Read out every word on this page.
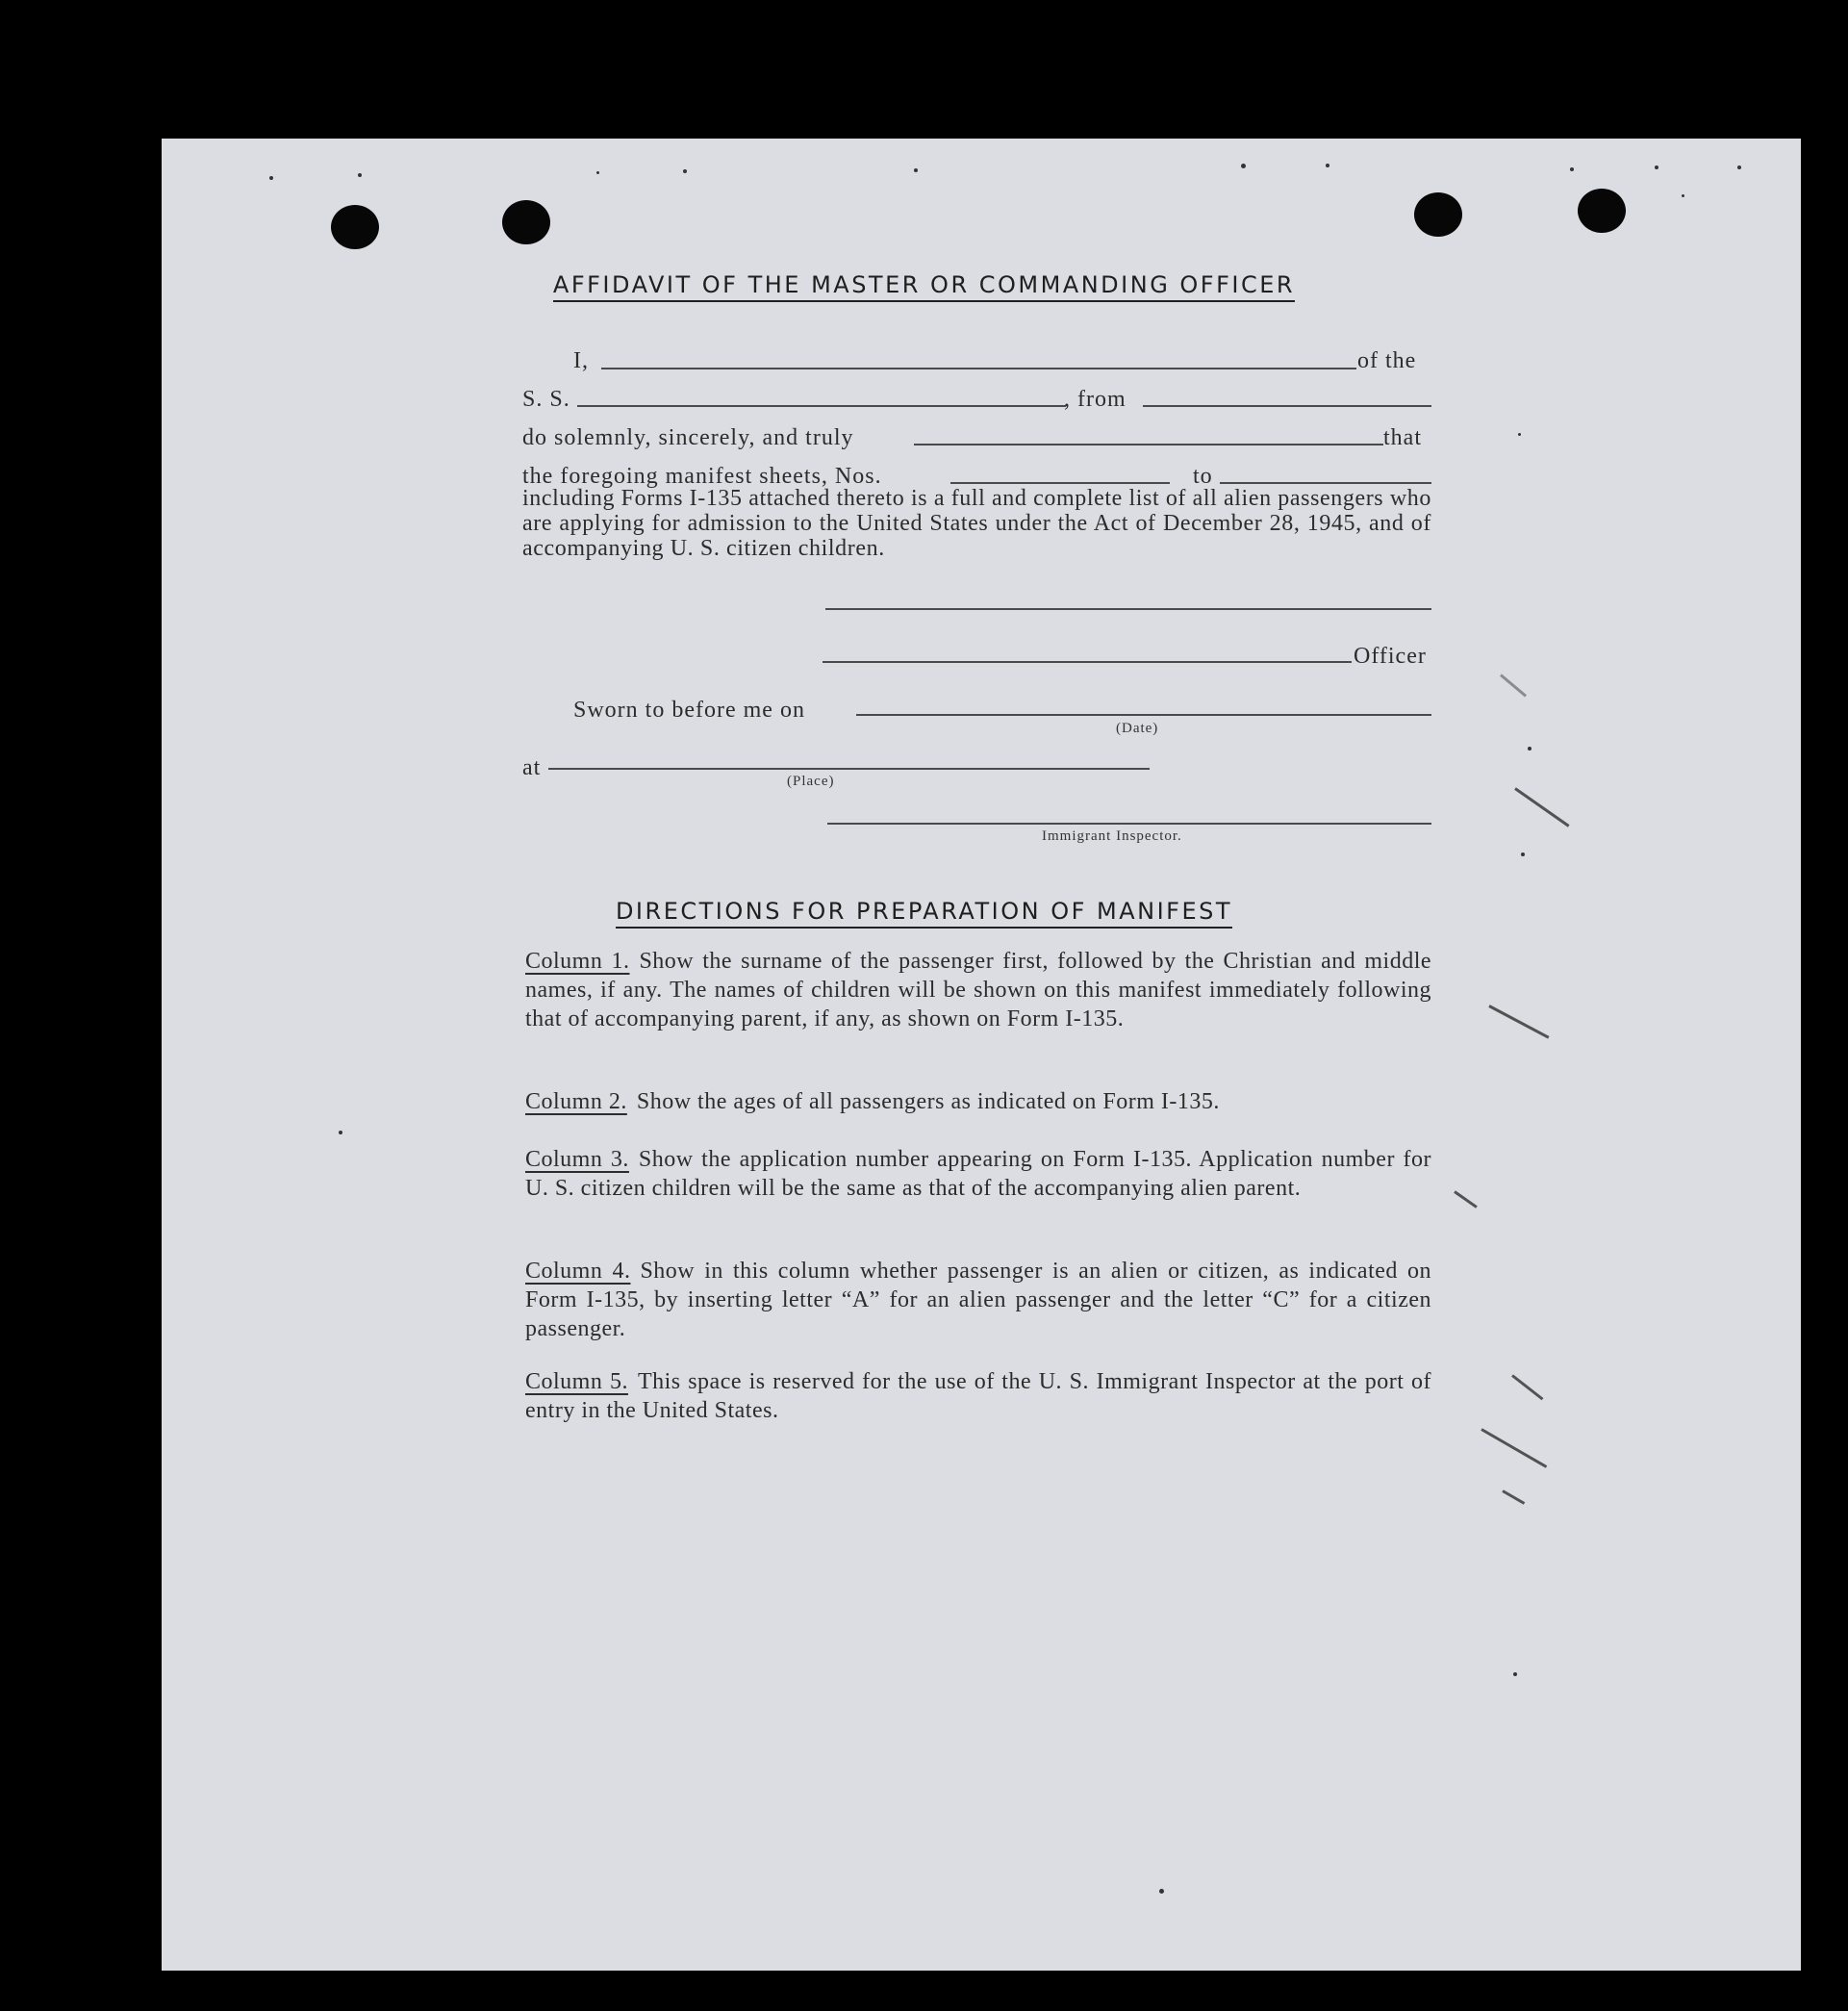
AFFIDAVIT OF THE MASTER OR COMMANDING OFFICER
I,	of the
S. S.	, from
do solemnly, sincerely, and truly	that
the foregoing manifest sheets, Nos.	to
including Forms I-135 attached thereto is a full and complete list of all alien passengers who are applying for admission to the United States under the Act of December 28, 1945, and of accompanying U. S. citizen children.
Officer
Sworn to before me on
(Date)
at
(Place)
Immigrant Inspector.
DIRECTIONS FOR PREPARATION OF MANIFEST
Column 1. Show the surname of the passenger first, followed by the Christian and middle names, if any. The names of children will be shown on this manifest immediately following that of accompanying parent, if any, as shown on Form I-135.
Column 2. Show the ages of all passengers as indicated on Form I-135.
Column 3. Show the application number appearing on Form I-135. Application number for U. S. citizen children will be the same as that of the accompanying alien parent.
Column 4. Show in this column whether passenger is an alien or citizen, as indicated on Form I-135, by inserting letter “A” for an alien passenger and the letter “C” for a citizen passenger.
Column 5. This space is reserved for the use of the U. S. Immigrant Inspector at the port of entry in the United States.
